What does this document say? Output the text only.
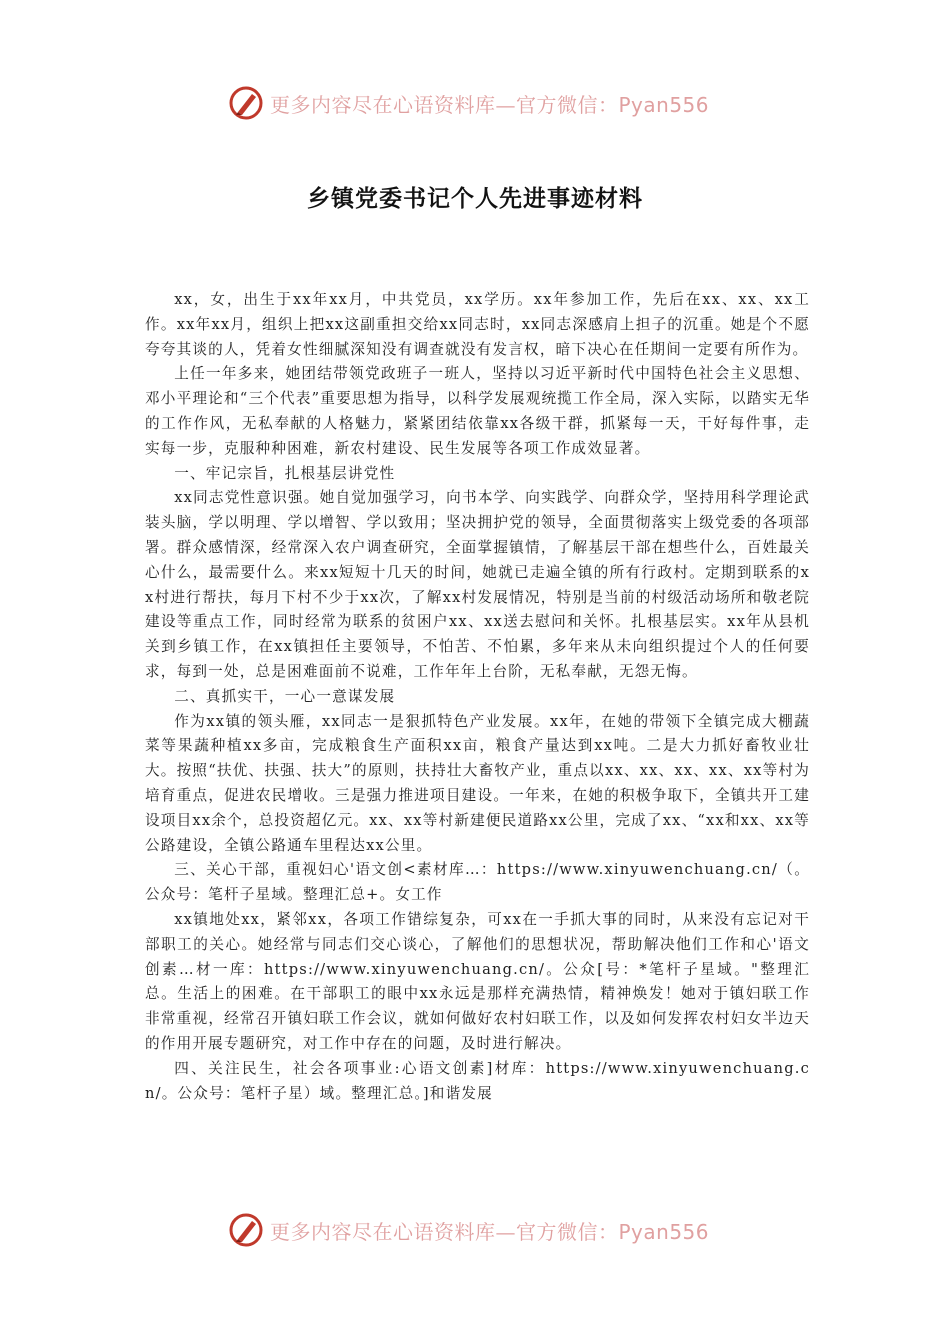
更多内容尽在心语资料库—官方微信：Pyan556
乡镇党委书记个人先进事迹材料

xx，女，出生于xx年xx月，中共党员，xx学历。xx年参加工作，先后在xx、xx、xx工作。xx年xx月，组织上把xx这副重担交给xx同志时，xx同志深感肩上担子的沉重。她是个不愿夸夸其谈的人，凭着女性细腻深知没有调查就没有发言权，暗下决心在任期间一定要有所作为。

上任一年多来，她团结带领党政班子一班人，坚持以习近平新时代中国特色社会主义思想、邓小平理论和“三个代表”重要思想为指导，以科学发展观统揽工作全局，深入实际，以踏实无华的工作作风，无私奉献的人格魅力，紧紧团结依靠xx各级干群，抓紧每一天，干好每件事，走实每一步，克服种种困难，新农村建设、民生发展等各项工作成效显著。

一、牢记宗旨，扎根基层讲党性

xx同志党性意识强。她自觉加强学习，向书本学、向实践学、向群众学，坚持用科学理论武装头脑，学以明理、学以增智、学以致用；坚决拥护党的领导，全面贯彻落实上级党委的各项部署。群众感情深，经常深入农户调查研究，全面掌握镇情，了解基层干部在想些什么，百姓最关心什么，最需要什么。来xx短短十几天的时间，她就已走遍全镇的所有行政村。定期到联系的xx村进行帮扶，每月下村不少于xx次，了解xx村发展情况，特别是当前的村级活动场所和敬老院建设等重点工作，同时经常为联系的贫困户xx、xx送去慰问和关怀。扎根基层实。xx年从县机关到乡镇工作，在xx镇担任主要领导，不怕苦、不怕累，多年来从未向组织提过个人的任何要求，每到一处，总是困难面前不说难，工作年年上台阶，无私奉献，无怨无悔。

二、真抓实干，一心一意谋发展

作为xx镇的领头雁，xx同志一是狠抓特色产业发展。xx年，在她的带领下全镇完成大棚蔬菜等果蔬种植xx多亩，完成粮食生产面积xx亩，粮食产量达到xx吨。二是大力抓好畜牧业壮大。按照“扶优、扶强、扶大”的原则，扶持壮大畜牧产业，重点以xx、xx、xx、xx、xx等村为培育重点，促进农民增收。三是强力推进项目建设。一年来，在她的积极争取下，全镇共开工建设项目xx余个，总投资超亿元。xx、xx等村新建便民道路xx公里，完成了xx、“xx和xx、xx等公路建设，全镇公路通车里程达xx公里。

三、关心干部，重视妇心'语文创<素材库…：https://www.xinyuwenchuang.cn/（。公众号：笔杆子星域。整理汇总+。女工作

xx镇地处xx，紧邻xx，各项工作错综复杂，可xx在一手抓大事的同时，从来没有忘记对干部职工的关心。她经常与同志们交心谈心，了解他们的思想状况，帮助解决他们工作和心'语文创素…材一库：https://www.xinyuwenchuang.cn/。公众[号：*笔杆子星域。"整理汇总。生活上的困难。在干部职工的眼中xx永远是那样充满热情，精神焕发！她对于镇妇联工作非常重视，经常召开镇妇联工作会议，就如何做好农村妇联工作，以及如何发挥农村妇女半边天的作用开展专题研究，对工作中存在的问题，及时进行解决。

四、关注民生，社会各项事业:心语文创素]材库：https://www.xinyuwenchuang.cn/。公众号：笔杆子星）域。整理汇总。]和谐发展

更多内容尽在心语资料库—官方微信：Pyan556
